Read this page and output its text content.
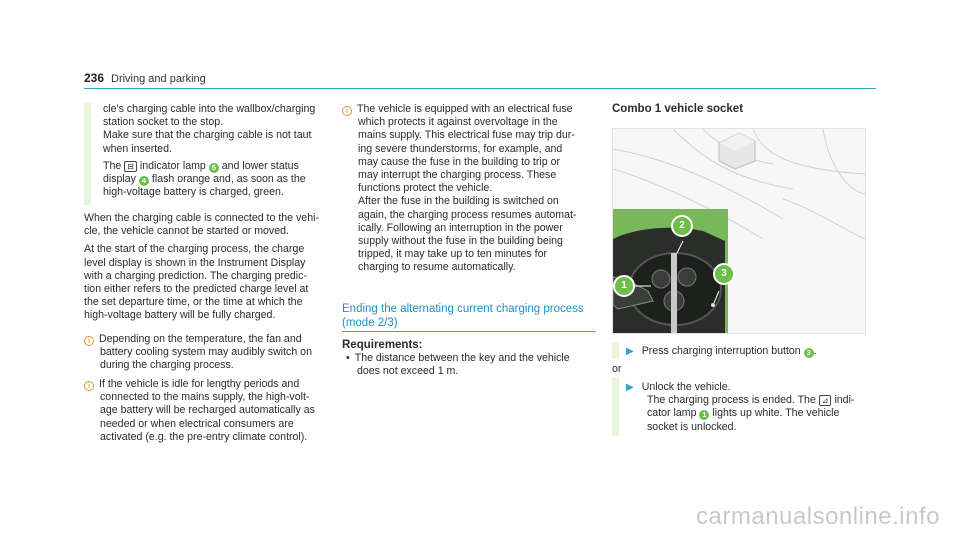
236 Driving and parking

cle's charging cable into the wallbox/charging

station socket to the stop.

Make sure that the charging cable is not taut

when inserted.

The ⊟ indicator lamp 5 and lower status

display 4 flash orange and, as soon as the

high-voltage battery is charged, green.

When the charging cable is connected to the vehi-

cle, the vehicle cannot be started or moved.

At the start of the charging process, the charge

level display is shown in the Instrument Display

with a charging prediction. The charging predic-

tion either refers to the predicted charge level at

the set departure time, or the time at which the

high-voltage battery will be fully charged.

i Depending on the temperature, the fan and

battery cooling system may audibly switch on

during the charging process.

i If the vehicle is idle for lengthy periods and

connected to the mains supply, the high-volt-

age battery will be recharged automatically as

needed or when electrical consumers are

activated (e.g. the pre-entry climate control).

i The vehicle is equipped with an electrical fuse

which protects it against overvoltage in the

mains supply. This electrical fuse may trip dur-

ing severe thunderstorms, for example, and

may cause the fuse in the building to trip or

may interrupt the charging process. These

functions protect the vehicle.

After the fuse in the building is switched on

again, the charging process resumes automat-

ically. Following an interruption in the power

supply without the fuse in the building being

tripped, it may take up to ten minutes for

charging to resume automatically.

Ending the alternating current charging process

(mode 2/3)

Requirements:

• The distance between the key and the vehicle

does not exceed 1 m.

Combo 1 vehicle socket
1
2
3

▶ Press charging interruption button 3 .

or

▶ Unlock the vehicle.

The charging process is ended. The ⊿ indi-

cator lamp 1 lights up white. The vehicle

socket is unlocked.

carmanualsonline.info
